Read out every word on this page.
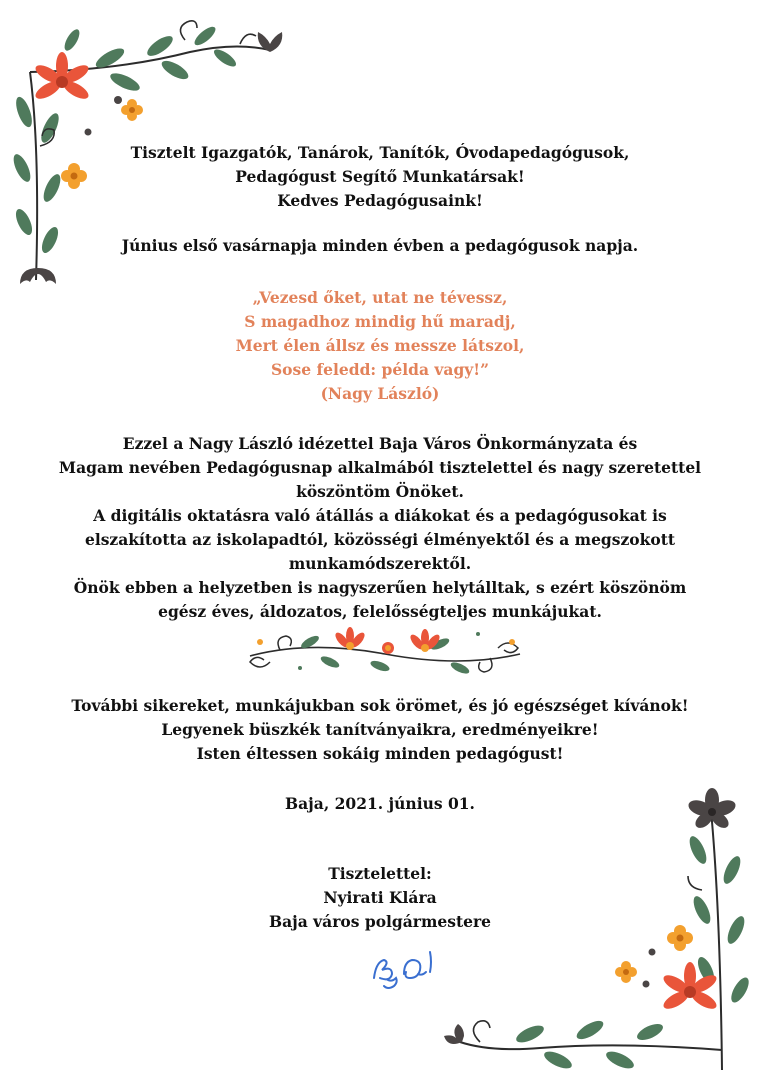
Tisztelt Igazgatók, Tanárok, Tanítók, Óvodapedagógusok,
Pedagógust Segítő Munkatársak!
Kedves Pedagógusaink!
Június első vasárnapja minden évben a pedagógusok napja.
„Vezesd őket, utat ne tévessz,
S magadhoz mindig hű maradj,
Mert élen állsz és messze látszol,
Sose feledd: példa vagy!”
(Nagy László)
Ezzel a Nagy László idézettel Baja Város Önkormányzata és
Magam nevében Pedagógusnap alkalmából tisztelettel és nagy szeretettel
köszöntöm Önöket.
A digitális oktatásra való átállás a diákokat és a pedagógusokat is
elszakította az iskolapadtól, közösségi élményektől és a megszokott
munkamódszerektől.
Önök ebben a helyzetben is nagyszerűen helytálltak, s ezért köszönöm
egész éves, áldozatos, felelősségteljes munkájukat.
További sikereket, munkájukban sok örömet, és jó egészséget kívánok!
Legyenek büszkék tanítványaikra, eredményeikre!
Isten éltessen sokáig minden pedagógust!
Baja, 2021. június 01.
Tisztelettel:
Nyirati Klára
Baja város polgármestere
